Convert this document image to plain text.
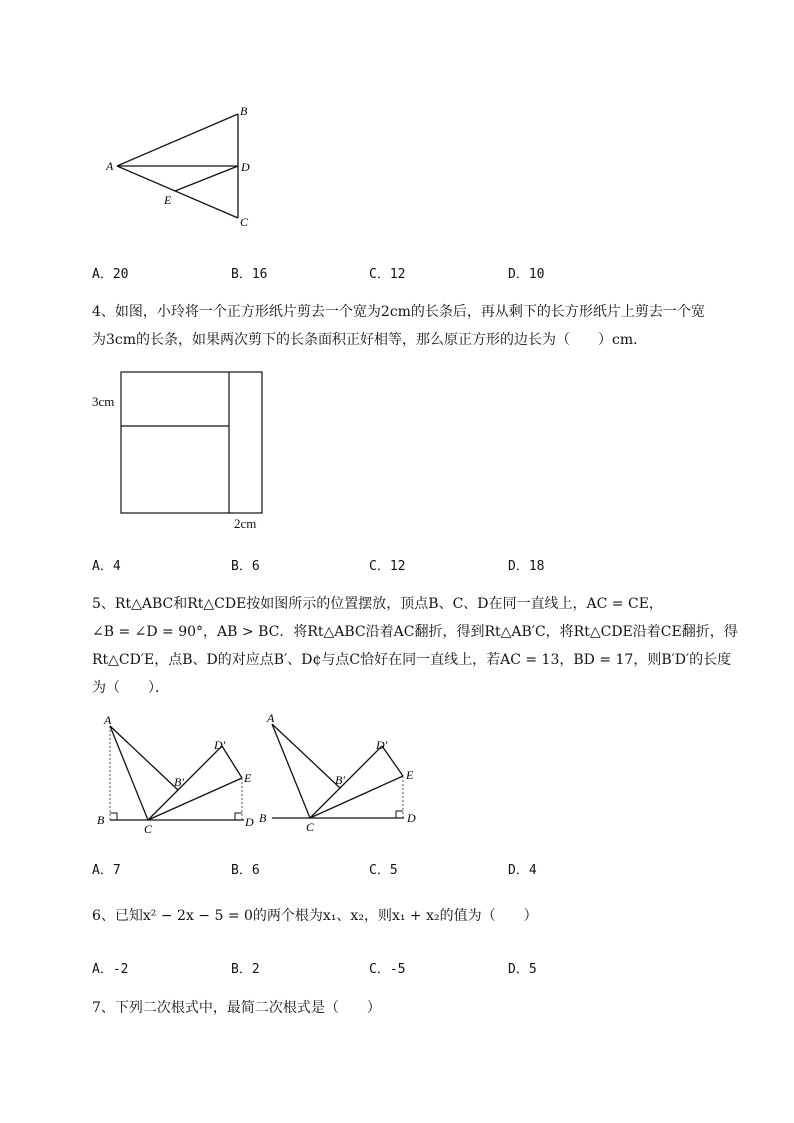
A
B
D
E
C
A．20	B．16	C．12	D．10
4、如图，小玲将一个正方形纸片剪去一个宽为2cm的长条后，再从剩下的长方形纸片上剪去一个宽
为3cm的长条，如果两次剪下的长条面积正好相等，那么原正方形的边长为（　　）cm．
3cm
2cm
A．4	B．6	C．12	D．18
5、Rt△ABC和Rt△CDE按如图所示的位置摆放，顶点B、C、D在同一直线上，AC = CE，
∠B = ∠D = 90°，AB > BC．将Rt△ABC沿着AC翻折，得到Rt△AB′C，将Rt△CDE沿着CE翻折，得
Rt△CD′E，点B、D的对应点B′、D¢与点C恰好在同一直线上，若AC = 13，BD = 17，则B′D′的长度
为（　　）．
A
B
C	D
E
B′
D′
A
B
C
D
E
B′
D′
A．7	B．6	C．5	D．4
6、已知x² − 2x − 5 = 0的两个根为x₁、x₂，则x₁ + x₂的值为（　　）
A．-2	B．2	C．-5	D．5
7、下列二次根式中，最简二次根式是（　　）
